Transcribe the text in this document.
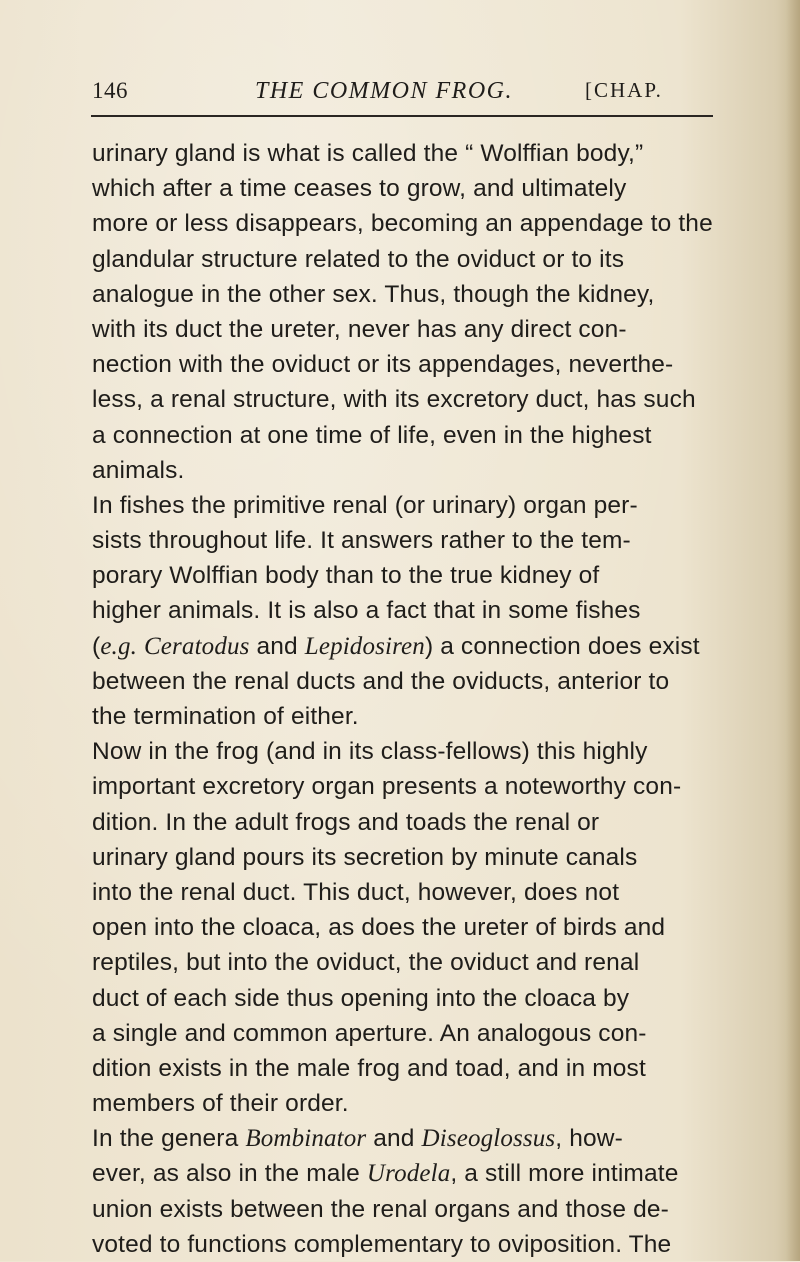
146	THE COMMON FROG.	[CHAP.
urinary gland is what is called the “ Wolffian body,”
which after a time ceases to grow, and ultimately
more or less disappears, becoming an appendage to the
glandular structure related to the oviduct or to its
analogue in the other sex. Thus, though the kidney,
with its duct the ureter, never has any direct con-
nection with the oviduct or its appendages, neverthe-
less, a renal structure, with its excretory duct, has such
a connection at one time of life, even in the highest
animals.
In fishes the primitive renal (or urinary) organ per-
sists throughout life. It answers rather to the tem-
porary Wolffian body than to the true kidney of
higher animals. It is also a fact that in some fishes
(e.g. Ceratodus and Lepidosiren) a connection does exist
between the renal ducts and the oviducts, anterior to
the termination of either.
Now in the frog (and in its class-fellows) this highly
important excretory organ presents a noteworthy con-
dition. In the adult frogs and toads the renal or
urinary gland pours its secretion by minute canals
into the renal duct. This duct, however, does not
open into the cloaca, as does the ureter of birds and
reptiles, but into the oviduct, the oviduct and renal
duct of each side thus opening into the cloaca by
a single and common aperture. An analogous con-
dition exists in the male frog and toad, and in most
members of their order.
In the genera Bombinator and Diseoglossus, how-
ever, as also in the male Urodela, a still more intimate
union exists between the renal organs and those de-
voted to functions complementary to oviposition. The
